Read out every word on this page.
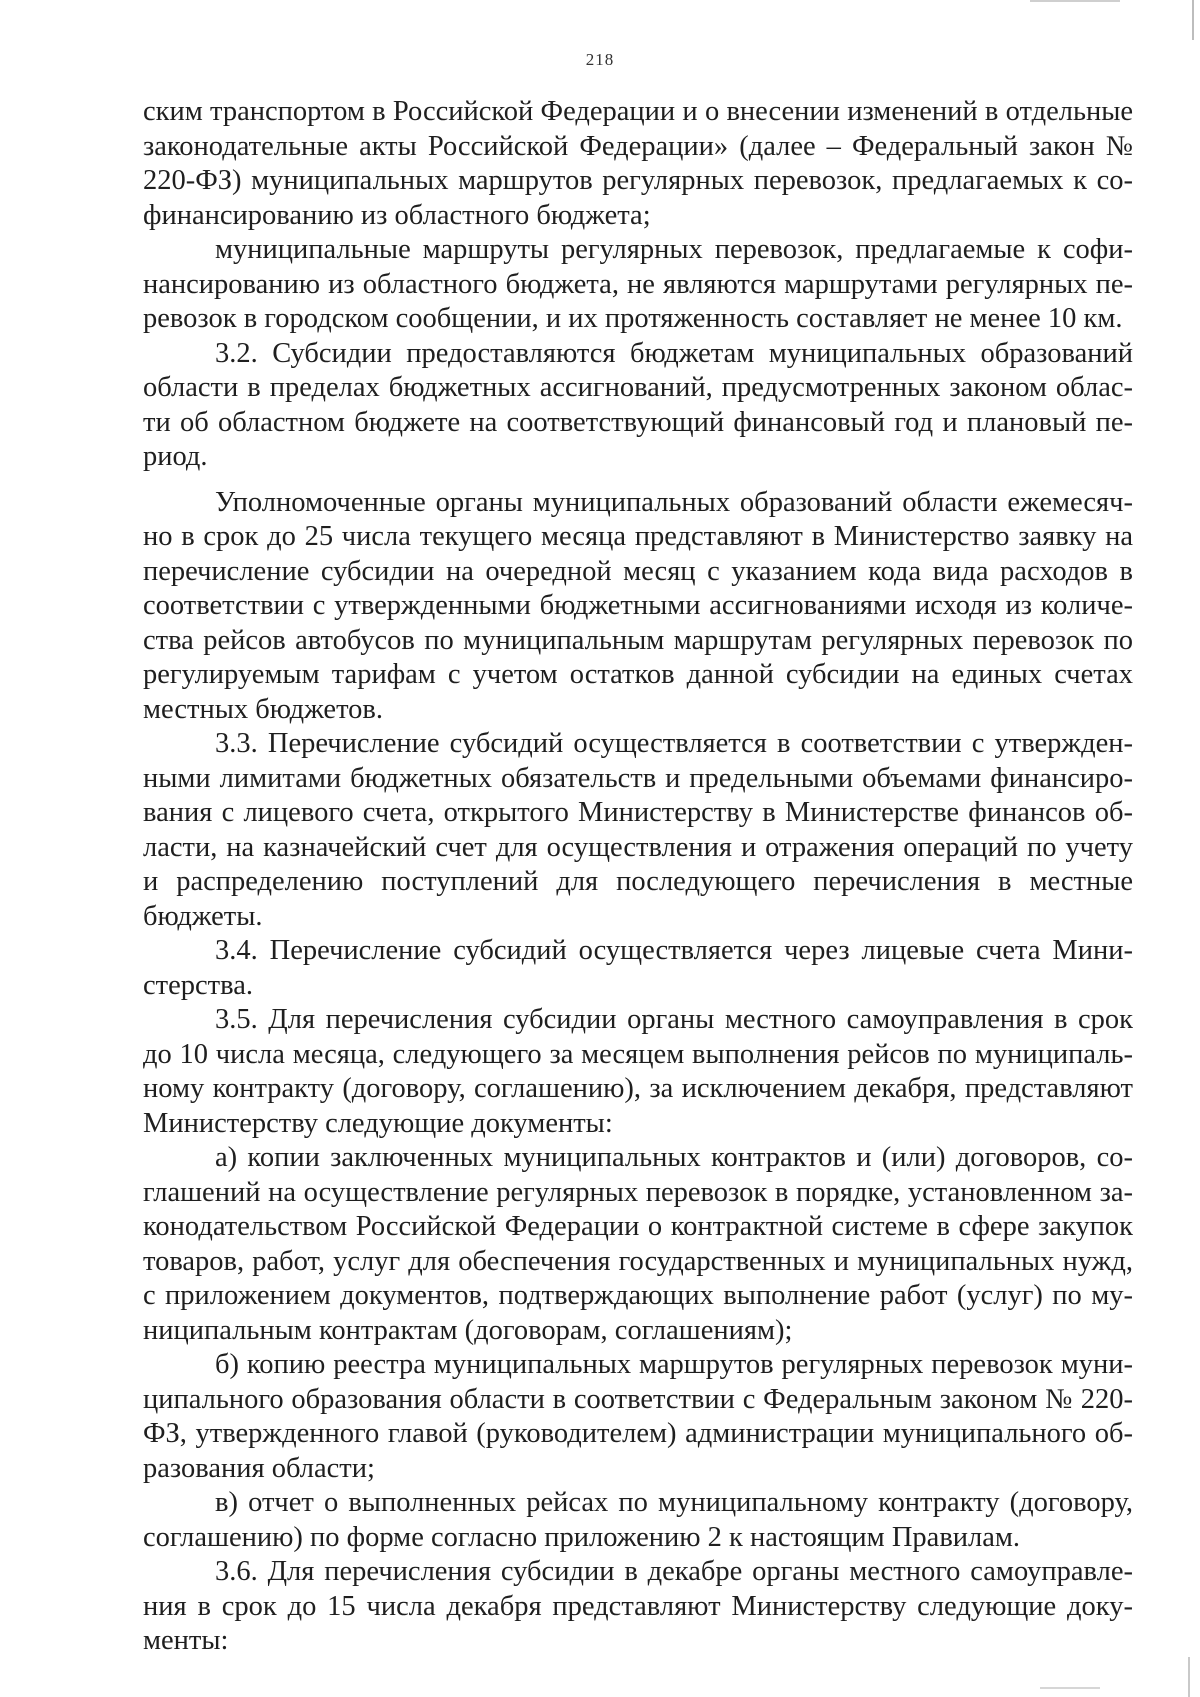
218

ским транспортом в Российской Федерации и о внесении изменений в отдельные законодательные акты Российской Федерации» (далее – Федеральный закон № 220-ФЗ) муниципальных маршрутов регулярных перевозок, предлагаемых к софинансированию из областного бюджета;

муниципальные маршруты регулярных перевозок, предлагаемые к софинансированию из областного бюджета, не являются маршрутами регулярных перевозок в городском сообщении, и их протяженность составляет не менее 10 км.

3.2. Субсидии предоставляются бюджетам муниципальных образований области в пределах бюджетных ассигнований, предусмотренных законом области об областном бюджете на соответствующий финансовый год и плановый период.

Уполномоченные органы муниципальных образований области ежемесячно в срок до 25 числа текущего месяца представляют в Министерство заявку на перечисление субсидии на очередной месяц с указанием кода вида расходов в соответствии с утвержденными бюджетными ассигнованиями исходя из количества рейсов автобусов по муниципальным маршрутам регулярных перевозок по регулируемым тарифам с учетом остатков данной субсидии на единых счетах местных бюджетов.

3.3. Перечисление субсидий осуществляется в соответствии с утвержденными лимитами бюджетных обязательств и предельными объемами финансирования с лицевого счета, открытого Министерству в Министерстве финансов области, на казначейский счет для осуществления и отражения операций по учету и распределению поступлений для последующего перечисления в местные бюджеты.

3.4. Перечисление субсидий осуществляется через лицевые счета Министерства.

3.5. Для перечисления субсидии органы местного самоуправления в срок до 10 числа месяца, следующего за месяцем выполнения рейсов по муниципальному контракту (договору, соглашению), за исключением декабря, представляют Министерству следующие документы:

а) копии заключенных муниципальных контрактов и (или) договоров, соглашений на осуществление регулярных перевозок в порядке, установленном законодательством Российской Федерации о контрактной системе в сфере закупок товаров, работ, услуг для обеспечения государственных и муниципальных нужд, с приложением документов, подтверждающих выполнение работ (услуг) по муниципальным контрактам (договорам, соглашениям);

б) копию реестра муниципальных маршрутов регулярных перевозок муниципального образования области в соответствии с Федеральным законом № 220-ФЗ, утвержденного главой (руководителем) администрации муниципального образования области;

в) отчет о выполненных рейсах по муниципальному контракту (договору, соглашению) по форме согласно приложению 2 к настоящим Правилам.

3.6. Для перечисления субсидии в декабре органы местного самоуправления в срок до 15 числа декабря представляют Министерству следующие документы:
